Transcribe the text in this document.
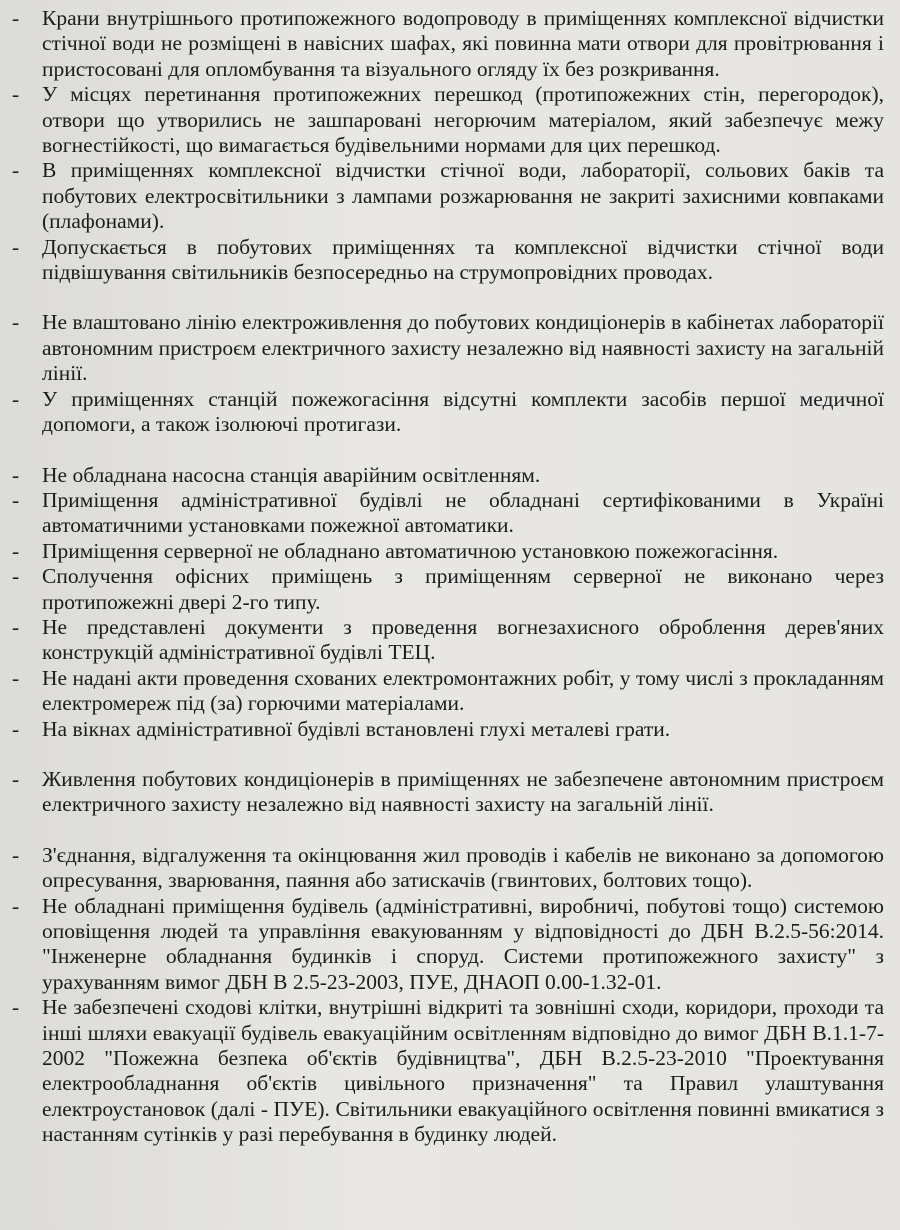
-	Крани внутрішнього протипожежного водопроводу в приміщеннях комплексної відчистки стічної води не розміщені в навісних шафах, які повинна мати отвори для провітрювання і пристосовані для опломбування та візуального огляду їх без розкривання.
-	У місцях перетинання протипожежних перешкод (протипожежних стін, перегородок), отвори що утворились не зашпаровані негорючим матеріалом, який забезпечує межу вогнестійкості, що вимагається будівельними нормами для цих перешкод.
-	В приміщеннях комплексної відчистки стічної води, лабораторії, сольових баків та побутових електросвітильники з лампами розжарювання не закриті захисними ковпаками (плафонами).
-	Допускається в побутових приміщеннях та комплексної відчистки стічної води підвішування світильників безпосередньо на струмопровідних проводах.
-	Не влаштовано лінію електроживлення до побутових кондиціонерів в кабінетах лабораторії автономним пристроєм електричного захисту незалежно від наявності захисту на загальній лінії.
-	У приміщеннях станцій пожежогасіння відсутні комплекти засобів першої медичної допомоги, а також ізолюючі протигази.
-	Не обладнана насосна станція аварійним освітленням.
-	Приміщення адміністративної будівлі не обладнані сертифікованими в Україні автоматичними установками пожежної автоматики.
-	Приміщення серверної не обладнано автоматичною установкою пожежогасіння.
-	Сполучення офісних приміщень з приміщенням серверної не виконано через протипожежні двері 2-го типу.
-	Не представлені документи з проведення вогнезахисного оброблення дерев'яних конструкцій адміністративної будівлі ТЕЦ.
-	Не надані акти проведення схованих електромонтажних робіт, у тому числі з прокладанням електромереж під (за) горючими матеріалами.
-	На вікнах адміністративної будівлі встановлені глухі металеві грати.
-	Живлення побутових кондиціонерів в приміщеннях не забезпечене автономним пристроєм електричного захисту незалежно від наявності захисту на загальній лінії.
-	З'єднання, відгалуження та окінцювання жил проводів і кабелів не виконано за допомогою опресування, зварювання, паяння або затискачів (гвинтових, болтових тощо).
-	Не обладнані приміщення будівель (адміністративні, виробничі, побутові тощо) системою оповіщення людей та управління евакуюванням у відповідності до ДБН В.2.5-56:2014. "Інженерне обладнання будинків і споруд. Системи протипожежного захисту" з урахуванням вимог ДБН В 2.5-23-2003, ПУЕ, ДНАОП 0.00-1.32-01.
-	Не забезпечені сходові клітки, внутрішні відкриті та зовнішні сходи, коридори, проходи та інші шляхи евакуації будівель евакуаційним освітленням відповідно до вимог ДБН В.1.1-7-2002 "Пожежна безпека об'єктів будівництва", ДБН В.2.5-23-2010 "Проектування електрообладнання об'єктів цивільного призначення" та Правил улаштування електроустановок (далі - ПУЕ). Світильники евакуаційного освітлення повинні вмикатися з настанням сутінків у разі перебування в будинку людей.
